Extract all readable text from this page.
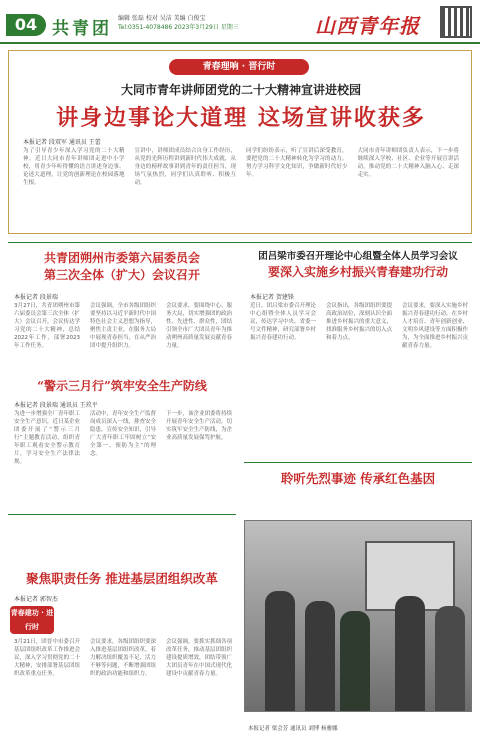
04 共青团
编辑 张磊 校对 吴洁 美编 白俊宝
Tel:0351-4078486 2023年3月29日 星期三	山西青年报
青春理响 · 晋行时
大同市青年讲师团党的二十大精神宣讲进校园
讲身边事论大道理 这场宣讲收获多
本报记者 段双军 通讯员 王蕾
为了引导青少年深入学习党的二十大精神，近日大同市青年讲师团走进中小学校，用青少年听得懂的语言讲述身边事、论述大道理，让党的创新理论在校园落地生根。
宣讲中，讲师团成员结合自身工作经历，从党的光辉历程讲到新时代伟大成就，从身边的榜样故事讲到青年的责任担当，现场气氛热烈，同学们认真聆听、积极互动。
同学们纷纷表示，听了宣讲后深受教育，要把党的二十大精神转化为学习的动力，努力学习科学文化知识，争做新时代好少年。
大同市青年讲师团负责人表示，下一步将继续深入学校、社区、企业等开展宣讲活动，推动党的二十大精神入脑入心、走深走实。
共青团朔州市委第六届委员会
第三次全体（扩大）会议召开
本报记者 段景瑞
3月27日，共青团朔州市第六届委员会第三次全体（扩大）会议召开，会议传达学习党的二十大精神，总结2022年工作，部署2023年工作任务。
会议强调，全市各级团组织要坚持以习近平新时代中国特色社会主义思想为指导，聚焦主责主业，在服务大局中展现青春担当，在从严治团中提升组织力。
会议要求，要围绕中心、服务大局，切实增强团的政治性、先进性、群众性，团结引领全市广大团员青年为推动朔州高质量发展贡献青春力量。
“警示三月行”筑牢安全生产防线
本报记者 段景瑞 通讯员 王玖平
为进一步增强全厂青年职工安全生产意识，近日某企业团委开展了“警示三月行”主题教育活动，组织青年职工观看安全警示教育片，学习安全生产法律法规。
活动中，青年安全生产监督岗成员深入一线，排查安全隐患，宣传安全知识，引导广大青年职工牢固树立“安全第一、预防为主”的理念。
下一步，该企业团委将持续开展青年安全生产活动，切实筑牢安全生产防线，为企业高质量发展保驾护航。
青春建功 · 进行时
聚焦职责任务 推进基层团组织改革
本报记者 郭智杰
3月21日，团晋中市委召开基层团组织改革工作推进会议，深入学习贯彻党的二十大精神，安排部署基层团组织改革重点任务。
会议要求，各级团组织要深入推进基层团组织改革，着力解决组织覆盖不足、活力不够等问题，不断增强团组织的政治功能和组织力。
会议强调，要抓实抓细各项改革任务，推动基层团组织建设提质增效，团结带领广大团员青年在中国式现代化建设中贡献青春力量。
团吕梁市委召开理论中心组暨全体人员学习会议
要深入实施乡村振兴青春建功行动
本报记者 贺建锋
近日，团吕梁市委召开理论中心组暨全体人员学习会议，传达学习中央、省委一号文件精神，研究部署乡村振兴青春建功行动。
会议指出，各级团组织要提高政治站位，深刻认识全面推进乡村振兴的重大意义，找准服务乡村振兴的切入点和着力点。
会议要求，要深入实施乡村振兴青春建功行动，在乡村人才培育、青年创新创业、文明乡风建设等方面积极作为，为全面推进乡村振兴贡献青春力量。
聆听先烈事迹 传承红色基因
本报记者 梁会芳 通讯员 刘博 杨雅娜
